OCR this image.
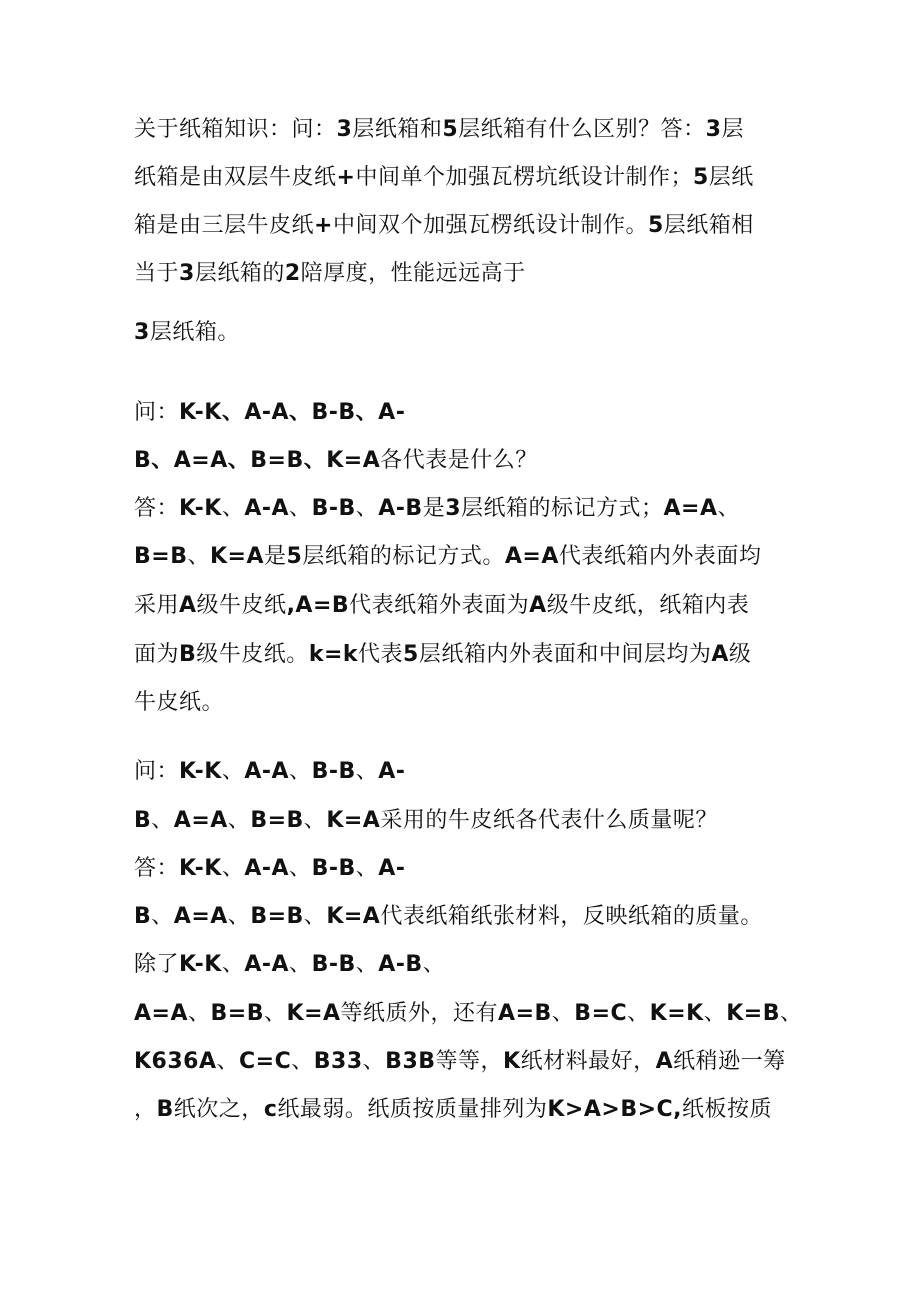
关于纸箱知识：问：3层纸箱和5层纸箱有什么区别？答：3层
纸箱是由双层牛皮纸+中间单个加强瓦楞坑纸设计制作；5层纸
箱是由三层牛皮纸+中间双个加强瓦楞纸设计制作。5层纸箱相
当于3层纸箱的2陪厚度，性能远远高于
3层纸箱。
问：K-K、A-A、B-B、A-
B、A=A、B=B、K=A各代表是什么？
答：K-K、A-A、B-B、A-B是3层纸箱的标记方式；A=A、
B=B、K=A是5层纸箱的标记方式。A=A代表纸箱内外表面均
采用A级牛皮纸,A=B代表纸箱外表面为A级牛皮纸，纸箱内表
面为B级牛皮纸。k=k代表5层纸箱内外表面和中间层均为A级
牛皮纸。
问：K-K、A-A、B-B、A-
B、A=A、B=B、K=A采用的牛皮纸各代表什么质量呢？
答：K-K、A-A、B-B、A-
B、A=A、B=B、K=A代表纸箱纸张材料，反映纸箱的质量。
除了K-K、A-A、B-B、A-B、
A=A、B=B、K=A等纸质外，还有A=B、B=C、K=K、K=B、
K636A、C=C、B33、B3B等等，K纸材料最好，A纸稍逊一筹
，B纸次之，c纸最弱。纸质按质量排列为K>A>B>C,纸板按质
